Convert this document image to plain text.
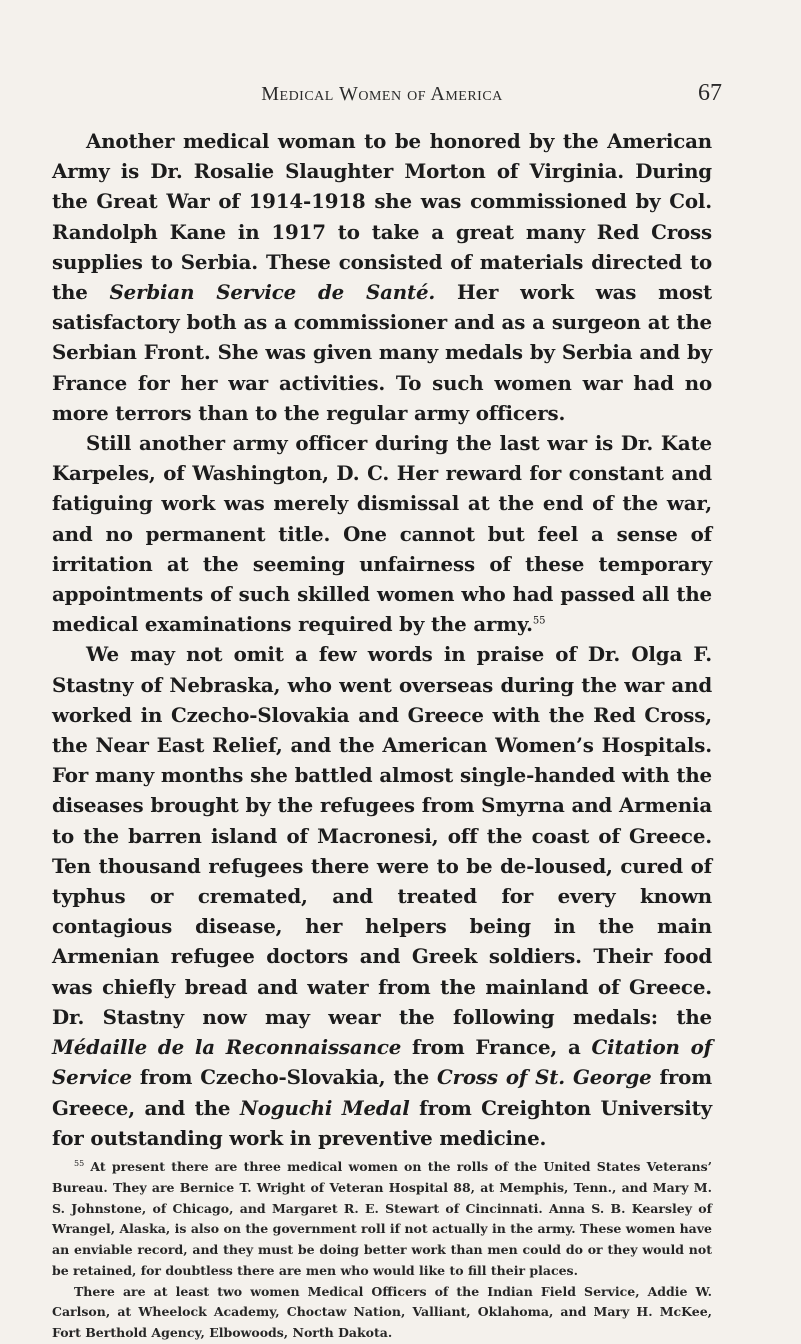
Medical Women of America	67

Another medical woman to be honored by the American Army is Dr. Rosalie Slaughter Morton of Virginia. During the Great War of 1914-1918 she was commissioned by Col. Randolph Kane in 1917 to take a great many Red Cross supplies to Serbia. These consisted of materials directed to the Serbian Service de Santé. Her work was most satisfactory both as a commissioner and as a surgeon at the Serbian Front. She was given many medals by Serbia and by France for her war activities. To such women war had no more terrors than to the regular army officers.

Still another army officer during the last war is Dr. Kate Karpeles, of Washington, D. C. Her reward for constant and fatiguing work was merely dismissal at the end of the war, and no permanent title. One cannot but feel a sense of irritation at the seeming unfairness of these temporary appointments of such skilled women who had passed all the medical examinations required by the army.$^{55}$

We may not omit a few words in praise of Dr. Olga F. Stastny of Nebraska, who went overseas during the war and worked in Czecho-Slovakia and Greece with the Red Cross, the Near East Relief, and the American Women’s Hospitals. For many months she battled almost single-handed with the diseases brought by the refugees from Smyrna and Armenia to the barren island of Macronesi, off the coast of Greece. Ten thousand refugees there were to be de-loused, cured of typhus or cremated, and treated for every known contagious disease, her helpers being in the main Armenian refugee doctors and Greek soldiers. Their food was chiefly bread and water from the mainland of Greece. Dr. Stastny now may wear the following medals: the Médaille de la Reconnaissance from France, a Citation of Service from Czecho-Slovakia, the Cross of St. George from Greece, and the Noguchi Medal from Creighton University for outstanding work in preventive medicine.

$^{55}$ At present there are three medical women on the rolls of the United States Veterans’ Bureau. They are Bernice T. Wright of Veteran Hospital 88, at Memphis, Tenn., and Mary M. S. Johnstone, of Chicago, and Margaret R. E. Stewart of Cincinnati. Anna S. B. Kearsley of Wrangel, Alaska, is also on the government roll if not actually in the army. These women have an enviable record, and they must be doing better work than men could do or they would not be retained, for doubtless there are men who would like to fill their places.

There are at least two women Medical Officers of the Indian Field Service, Addie W. Carlson, at Wheelock Academy, Choctaw Nation, Valliant, Oklahoma, and Mary H. McKee, Fort Berthold Agency, Elbowoods, North Dakota.
